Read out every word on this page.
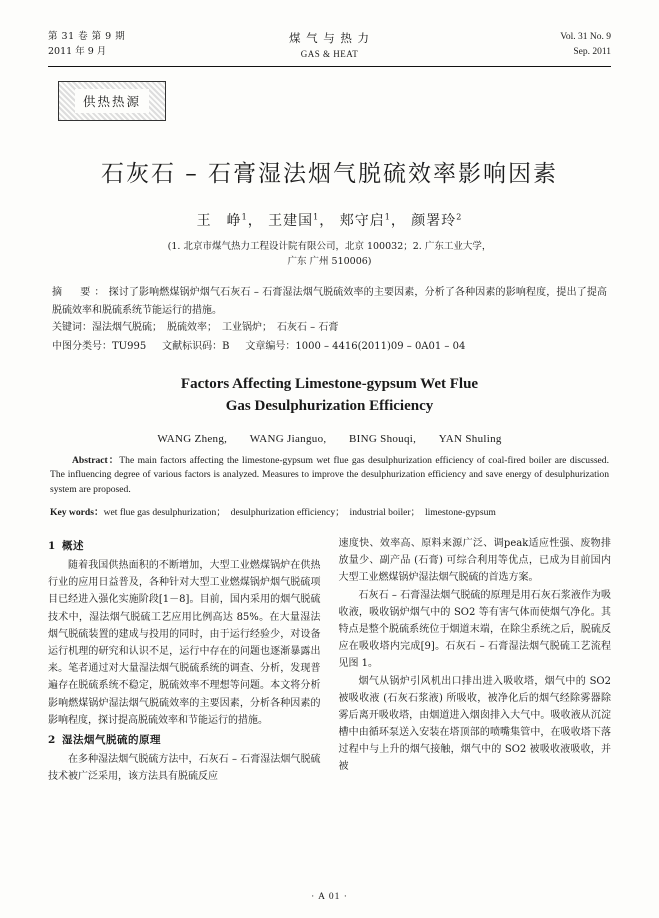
第 31 卷 第 9 期
2011 年 9 月
煤 气 与 热 力
GAS & HEAT
Vol. 31 No. 9
Sep. 2011
供热热源
石灰石 – 石膏湿法烟气脱硫效率影响因素
王　峥$^1$， 王建国$^1$， 郏守启$^1$， 颜署玲$^2$
(1. 北京市煤气热力工程设计院有限公司，北京 100032；2. 广东工业大学，
广东 广州 510006)
摘　要：探讨了影响燃煤锅炉烟气石灰石 – 石膏湿法烟气脱硫效率的主要因素，分析了各种因素的影响程度，提出了提高脱硫效率和脱硫系统节能运行的措施。
关键词：湿法烟气脱硫；　脱硫效率；　工业锅炉；　石灰石 – 石膏
中图分类号：TU995 文献标识码：B 文章编号：1000 – 4416(2011)09 – 0A01 – 04
Factors Affecting Limestone-gypsum Wet Flue
Gas Desulphurization Efficiency
WANG Zheng,　　WANG Jianguo,　　BING Shouqi,　　YAN Shuling
Abstract：The main factors affecting the limestone-gypsum wet flue gas desulphurization efficiency of coal-fired boiler are discussed. The influencing degree of various factors is analyzed. Measures to improve the desulphurization efficiency and save energy of desulphurization system are proposed.
Key words：wet flue gas desulphurization；　desulphurization efficiency；　industrial boiler；　limestone-gypsum
1 概述

随着我国供热面积的不断增加，大型工业燃煤锅炉在供热行业的应用日益普及，各种针对大型工业燃煤锅炉烟气脱硫项目已经进入强化实施阶段[1－8]。目前，国内采用的烟气脱硫技术中，湿法烟气脱硫工艺应用比例高达 85%。在大量湿法烟气脱硫装置的建成与投用的同时，由于运行经验少，对设备运行机理的研究和认识不足，运行中存在的问题也逐渐暴露出来。笔者通过对大量湿法烟气脱硫系统的调查、分析，发现普遍存在脱硫系统不稳定，脱硫效率不理想等问题。本文将分析影响燃煤锅炉湿法烟气脱硫效率的主要因素，分析各种因素的影响程度，探讨提高脱硫效率和节能运行的措施。

2 湿法烟气脱硫的原理

在多种湿法烟气脱硫方法中，石灰石 – 石膏湿法烟气脱硫技术被广泛采用，该方法具有脱硫反应

速度快、效率高、原料来源广泛、调peak适应性强、废物排放量少、副产品 (石膏) 可综合利用等优点，已成为目前国内大型工业燃煤锅炉湿法烟气脱硫的首选方案。

石灰石 – 石膏湿法烟气脱硫的原理是用石灰石浆液作为吸收液，吸收锅炉烟气中的 SO2 等有害气体而使烟气净化。其特点是整个脱硫系统位于烟道末端，在除尘系统之后，脱硫反应在吸收塔内完成[9]。石灰石 – 石膏湿法烟气脱硫工艺流程见图 1。

烟气从锅炉引风机出口排出进入吸收塔，烟气中的 SO2 被吸收液 (石灰石浆液) 所吸收，被净化后的烟气经除雾器除雾后离开吸收塔，由烟道进入烟囱排入大气中。吸收液从沉淀槽中由循环泵送入安装在塔顶部的喷嘴集管中，在吸收塔下落过程中与上升的烟气接触，烟气中的 SO2 被吸收液吸收，并被

· A 01 ·
